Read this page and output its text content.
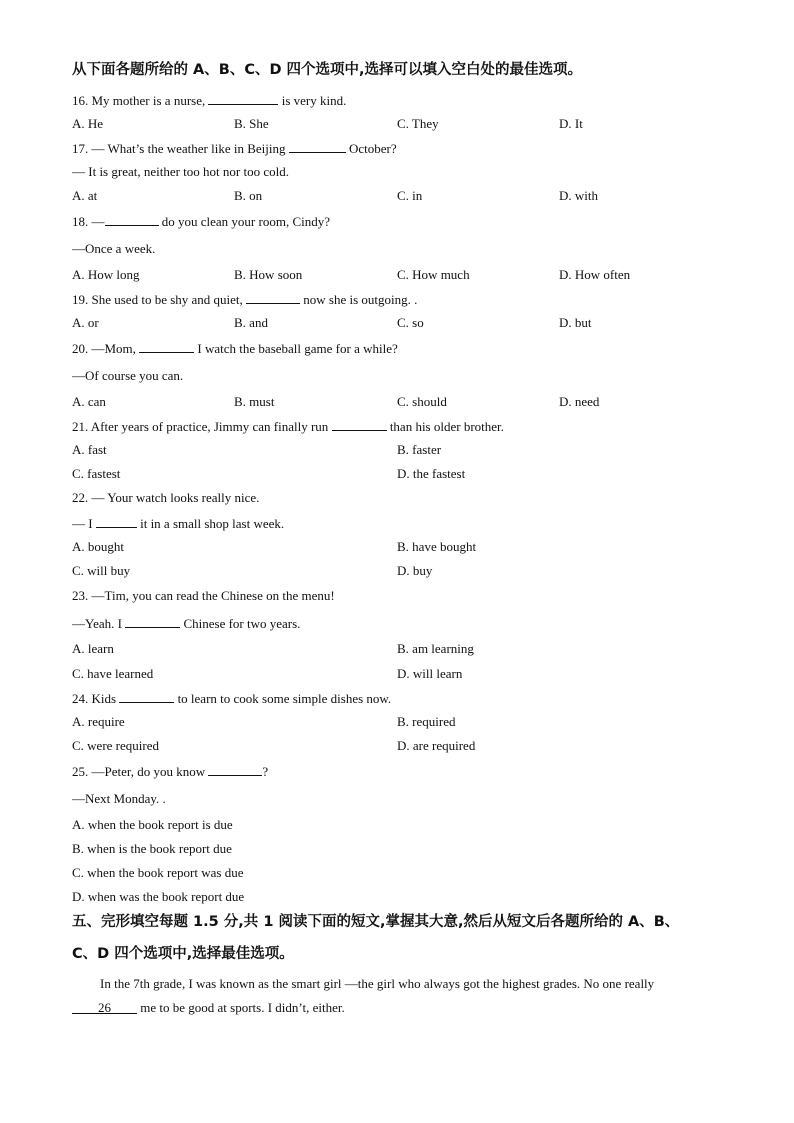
从下面各题所给的 A、B、C、D 四个选项中,选择可以填入空白处的最佳选项。
16. My mother is a nurse,	is very kind.
A. He	B. She	C. They	D. It
17. — What’s the weather like in Beijing	October?
— It is great, neither too hot nor too cold.
A. at	B. on	C. in	D. with
18. —	do you clean your room, Cindy?
—Once a week.
A. How long	B. How soon	C. How much	D. How often
19. She used to be shy and quiet,	now she is outgoing. .
A. or	B. and	C. so	D. but
20. —Mom,	I watch the baseball game for a while?
—Of course you can.
A. can	B. must	C. should	D. need
21. After years of practice, Jimmy can finally run	than his older brother.
A. fast	B. faster
C. fastest	D. the fastest
22. — Your watch looks really nice.
— I	it in a small shop last week.
A. bought	B. have bought
C. will buy	D. buy
23. —Tim, you can read the Chinese on the menu!
—Yeah. I	Chinese for two years.
A. learn	B. am learning
C. have learned	D. will learn
24. Kids	to learn to cook some simple dishes now.
A. require	B. required
C. were required	D. are required
25. —Peter, do you know	?
—Next Monday. .
A. when the book report is due
B. when is the book report due
C. when the book report was due
D. when was the book report due
五、完形填空每题 1.5 分,共 1 阅读下面的短文,掌握其大意,然后从短文后各题所给的 A、B、
C、D 四个选项中,选择最佳选项。
In the 7th grade, I was known as the smart girl —the girl who always got the highest grades. No one really
____26____ me to be good at sports. I didn’t, either.
